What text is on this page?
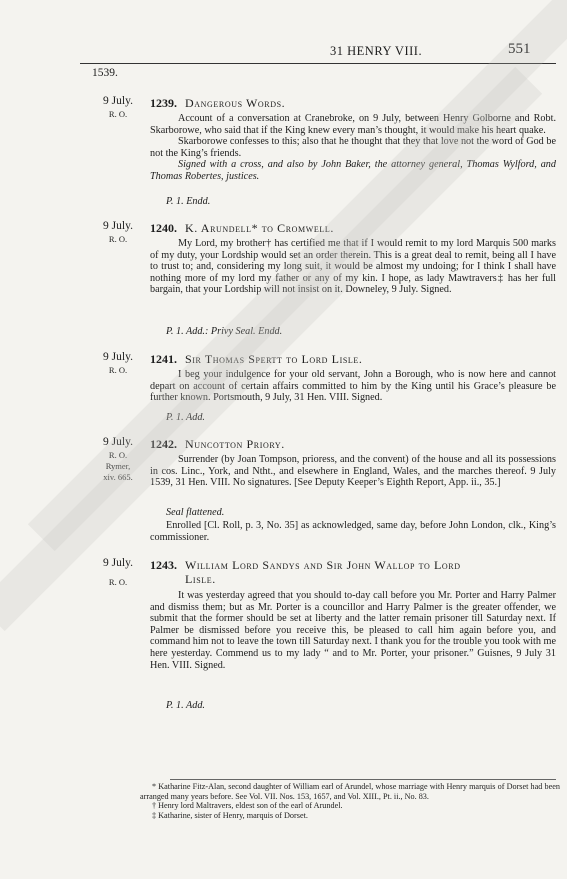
31 HENRY VIII.	551
1539.
9 July.
R. O.
1239. Dangerous Words.

Account of a conversation at Cranebroke, on 9 July, between Henry Golborne and Robt. Skarborowe, who said that if the King knew every man’s thought, it would make his heart quake.

Skarborowe confesses to this; also that he thought that they that love not the word of God be not the King’s friends.

Signed with a cross, and also by John Baker, the attorney general, Thomas Wylford, and Thomas Robertes, justices.

P. 1. Endd.
9 July.
R. O.
1240. K. Arundell* to Cromwell.

My Lord, my brother† has certified me that if I would remit to my lord Marquis 500 marks of my duty, your Lordship would set an order therein. This is a great deal to remit, being all I have to trust to; and, considering my long suit, it would be almost my undoing; for I think I shall have nothing more of my lord my father or any of my kin. I hope, as lady Mawtravers‡ has her full bargain, that your Lordship will not insist on it. Downeley, 9 July. Signed.

P. 1. Add.: Privy Seal. Endd.
9 July.
R. O.
1241. Sir Thomas Spertt to Lord Lisle.

I beg your indulgence for your old servant, John a Borough, who is now here and cannot depart on account of certain affairs committed to him by the King until his Grace’s pleasure be further known. Portsmouth, 9 July, 31 Hen. VIII. Signed.

P. 1. Add.
9 July.
R. O.
Rymer,
xiv. 665.
1242. Nuncotton Priory.

Surrender (by Joan Tompson, prioress, and the convent) of the house and all its possessions in cos. Linc., York, and Ntht., and elsewhere in England, Wales, and the marches thereof. 9 July 1539, 31 Hen. VIII. No signatures. [See Deputy Keeper’s Eighth Report, App. ii., 35.]

Seal flattened.

Enrolled [Cl. Roll, p. 3, No. 35] as acknowledged, same day, before John London, clk., King’s commissioner.

9 July.
R. O.
1243. William Lord Sandys and Sir John Wallop to Lord
Lisle.

It was yesterday agreed that you should to-day call before you Mr. Porter and Harry Palmer and dismiss them; but as Mr. Porter is a councillor and Harry Palmer is the greater offender, we submit that the former should be set at liberty and the latter remain prisoner till Saturday next. If Palmer be dismissed before you receive this, be pleased to call him again before you, and command him not to leave the town till Saturday next. I thank you for the trouble you took with me here yesterday. Commend us to my lady “ and to Mr. Porter, your prisoner.” Guisnes, 9 July 31 Hen. VIII. Signed.

P. 1. Add.
* Katharine Fitz-Alan, second daughter of William earl of Arundel, whose marriage with Henry marquis of Dorset had been arranged many years before. See Vol. VII. Nos. 153, 1657, and Vol. XIII., Pt. ii., No. 83.
† Henry lord Maltravers, eldest son of the earl of Arundel.
‡ Katharine, sister of Henry, marquis of Dorset.
